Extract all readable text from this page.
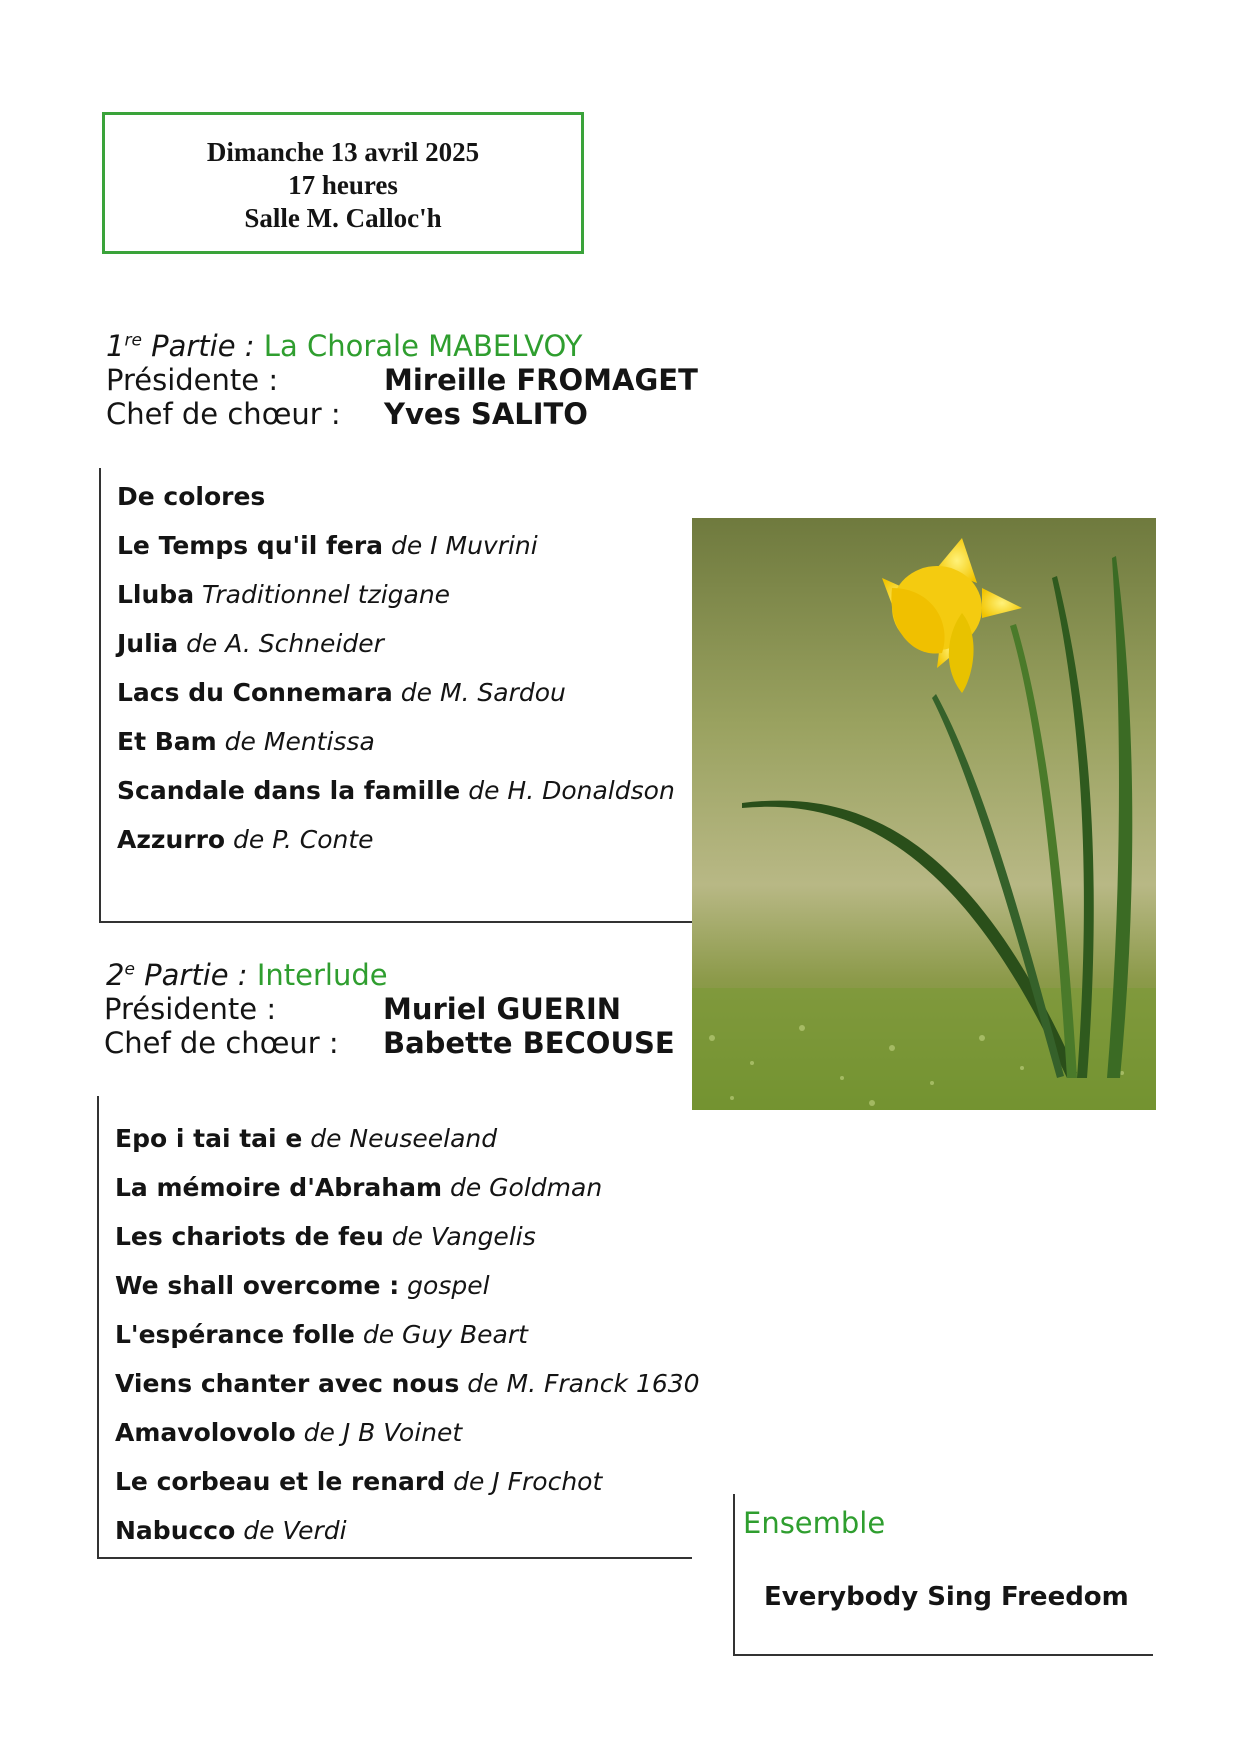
Dimanche 13 avril 2025
17 heures
Salle M. Calloc'h
1re Partie : La Chorale MABELVOY
Présidente :	Mireille FROMAGET
Chef de chœur : Yves SALITO
De colores
Le Temps qu'il fera de I Muvrini
Lluba Traditionnel tzigane
Julia de A. Schneider
Lacs du Connemara de M. Sardou
Et Bam de Mentissa
Scandale dans la famille de H. Donaldson
Azzurro de P. Conte
2e Partie : Interlude
Présidente :	Muriel GUERIN
Chef de chœur : Babette BECOUSE
Epo i tai tai e de Neuseeland
La mémoire d'Abraham de Goldman
Les chariots de feu de Vangelis
We shall overcome : gospel
L'espérance folle de Guy Beart
Viens chanter avec nous de M. Franck 1630
Amavolovolo de J B Voinet
Le corbeau et le renard de J Frochot
Nabucco de Verdi	Ensemble
Everybody Sing Freedom
